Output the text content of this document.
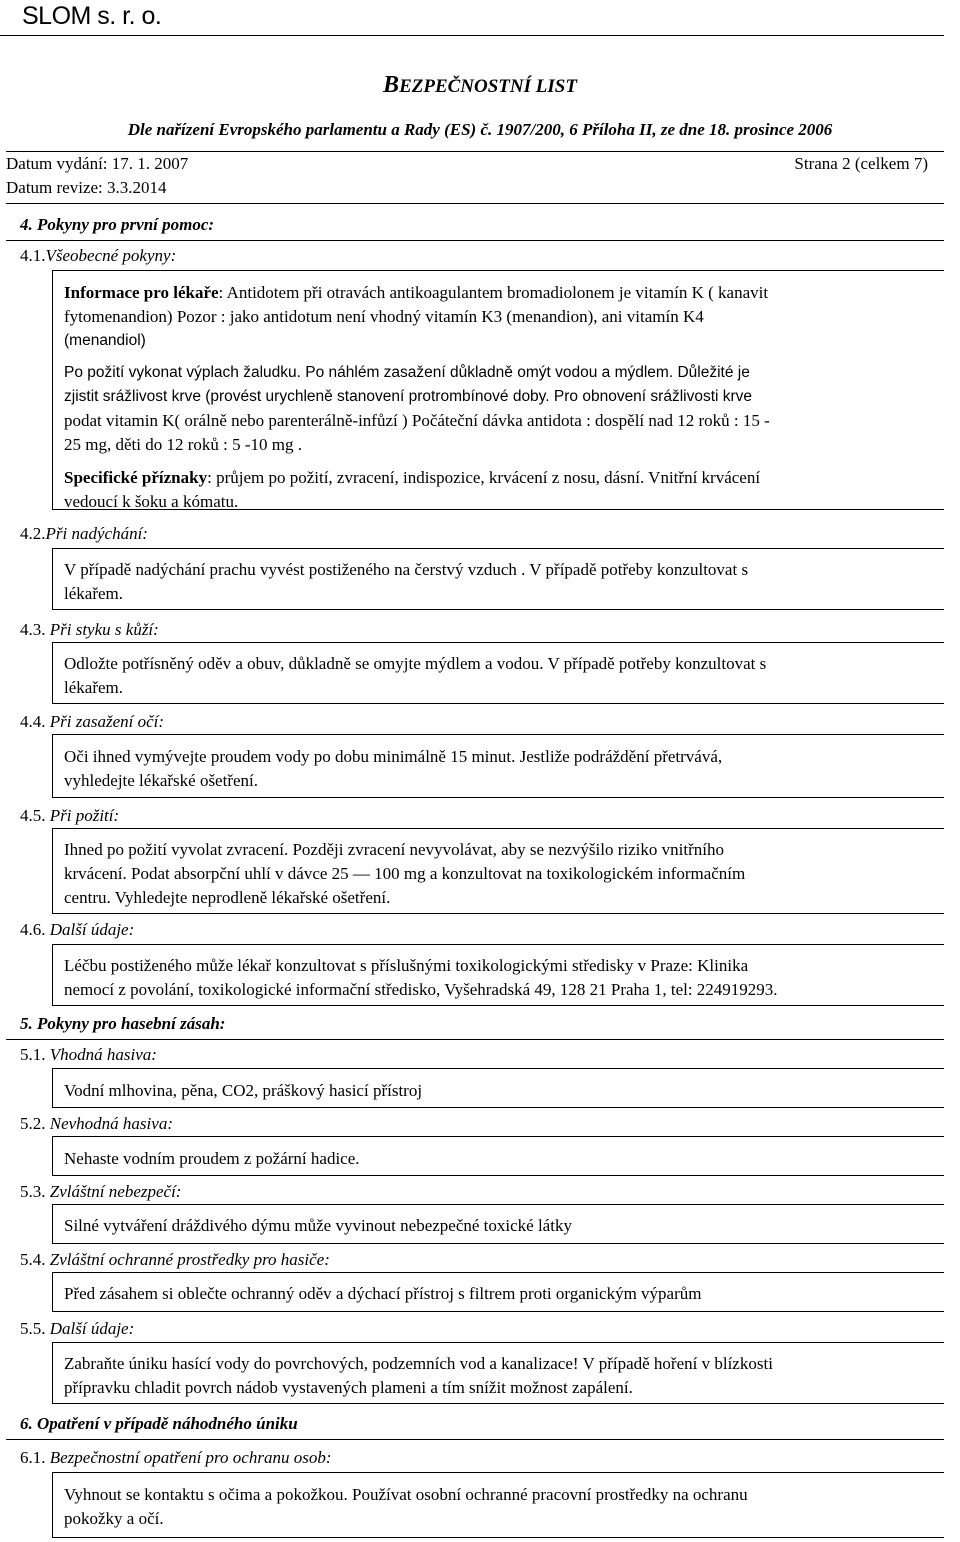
SLOM s. r. o.
BEZPEČNOSTNÍ LIST
Dle nařízení Evropského parlamentu a Rady (ES) č. 1907/200, 6 Příloha II, ze dne 18. prosince 2006
Datum vydání: 17. 1. 2007	Strana 2 (celkem 7)
Datum revize: 3.3.2014
4. Pokyny pro první pomoc:
4.1.Všeobecné pokyny:
Informace pro lékaře: Antidotem při otravách antikoagulantem bromadiolonem je vitamín K ( kanavit
fytomenandion) Pozor : jako antidotum není vhodný vitamín K3 (menandion), ani vitamín K4
(menandiol)
Po požití vykonat výplach žaludku. Po náhlém zasažení důkladně omýt vodou a mýdlem. Důležité je
zjistit srážlivost krve (provést urychleně stanovení protrombínové doby. Pro obnovení srážlivosti krve
podat vitamin K( orálně nebo parenterálně-infůzí ) Počáteční dávka antidota : dospělí nad 12 roků : 15 -
25 mg, děti do 12 roků : 5 -10 mg .
Specifické příznaky: průjem po požití, zvracení, indispozice, krvácení z nosu, dásní. Vnitřní krvácení
vedoucí k šoku a kómatu.
4.2.Při nadýchání:
V případě nadýchání prachu vyvést postiženého na čerstvý vzduch . V případě potřeby konzultovat s
lékařem.
4.3. Při styku s kůží:
Odložte potřísněný oděv a obuv, důkladně se omyjte mýdlem a vodou. V případě potřeby konzultovat s
lékařem.
4.4. Při zasažení očí:
Oči ihned vymývejte proudem vody po dobu minimálně 15 minut. Jestliže podráždění přetrvává,
vyhledejte lékařské ošetření.
4.5. Při požití:
Ihned po požití vyvolat zvracení. Později zvracení nevyvolávat, aby se nezvýšilo riziko vnitřního
krvácení. Podat absorpční uhlí v dávce 25 — 100 mg a konzultovat na toxikologickém informačním
centru. Vyhledejte neprodleně lékařské ošetření.
4.6. Další údaje:
Léčbu postiženého může lékař konzultovat s příslušnými toxikologickými středisky v Praze: Klinika
nemocí z povolání, toxikologické informační středisko, Vyšehradská 49, 128 21 Praha 1, tel: 224919293.
5. Pokyny pro hasební zásah:
5.1. Vhodná hasiva:
Vodní mlhovina, pěna, CO2, práškový hasicí přístroj
5.2. Nevhodná hasiva:
Nehaste vodním proudem z požární hadice.
5.3. Zvláštní nebezpečí:
Silné vytváření dráždivého dýmu může vyvinout nebezpečné toxické látky
5.4. Zvláštní ochranné prostředky pro hasiče:
Před zásahem si oblečte ochranný oděv a dýchací přístroj s filtrem proti organickým výparům
5.5. Další údaje:
Zabraňte úniku hasící vody do povrchových, podzemních vod a kanalizace! V případě hoření v blízkosti
přípravku chladit povrch nádob vystavených plameni a tím snížit možnost zapálení.
6. Opatření v případě náhodného úniku
6.1. Bezpečnostní opatření pro ochranu osob:
Vyhnout se kontaktu s očima a pokožkou. Používat osobní ochranné pracovní prostředky na ochranu
pokožky a očí.
